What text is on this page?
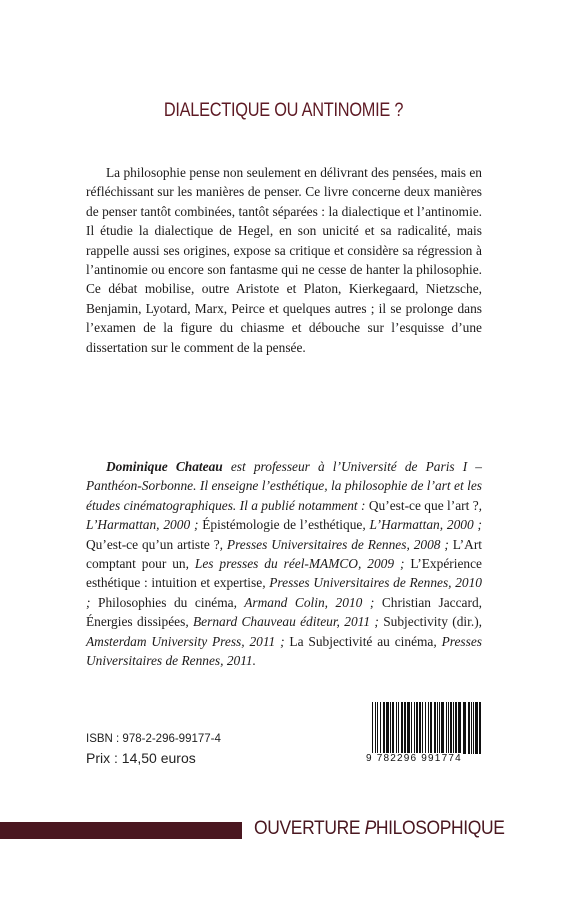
DIALECTIQUE OU ANTINOMIE ?

La philosophie pense non seulement en délivrant des pensées, mais en réfléchissant sur les manières de penser. Ce livre concerne deux manières de penser tantôt combinées, tantôt séparées : la dialectique et l’antinomie. Il étudie la dialectique de Hegel, en son unicité et sa radicalité, mais rappelle aussi ses origines, expose sa critique et considère sa régression à l’antinomie ou encore son fantasme qui ne cesse de hanter la philosophie. Ce débat mobilise, outre Aristote et Platon, Kierkegaard, Nietzsche, Benjamin, Lyotard, Marx, Peirce et quelques autres ; il se prolonge dans l’examen de la figure du chiasme et débouche sur l’esquisse d’une dissertation sur le comment de la pensée.

Dominique Chateau est professeur à l’Université de Paris I – Panthéon-Sorbonne. Il enseigne l’esthétique, la philosophie de l’art et les études cinématographiques. Il a publié notamment : Qu’est-ce que l’art ?, L’Harmattan, 2000 ; Épistémologie de l’esthétique, L’Harmattan, 2000 ; Qu’est-ce qu’un artiste ?, Presses Universitaires de Rennes, 2008 ; L’Art comptant pour un, Les presses du réel-MAMCO, 2009 ; L’Expérience esthétique : intuition et expertise, Presses Universitaires de Rennes, 2010 ; Philosophies du cinéma, Armand Colin, 2010 ; Christian Jaccard, Énergies dissipées, Bernard Chauveau éditeur, 2011 ; Subjectivity (dir.), Amsterdam University Press, 2011 ; La Subjectivité au cinéma, Presses Universitaires de Rennes, 2011.

ISBN : 978-2-296-99177-4
Prix : 14,50 euros	9 782296 991774
OUVERTURE PHILOSOPHIQUE
